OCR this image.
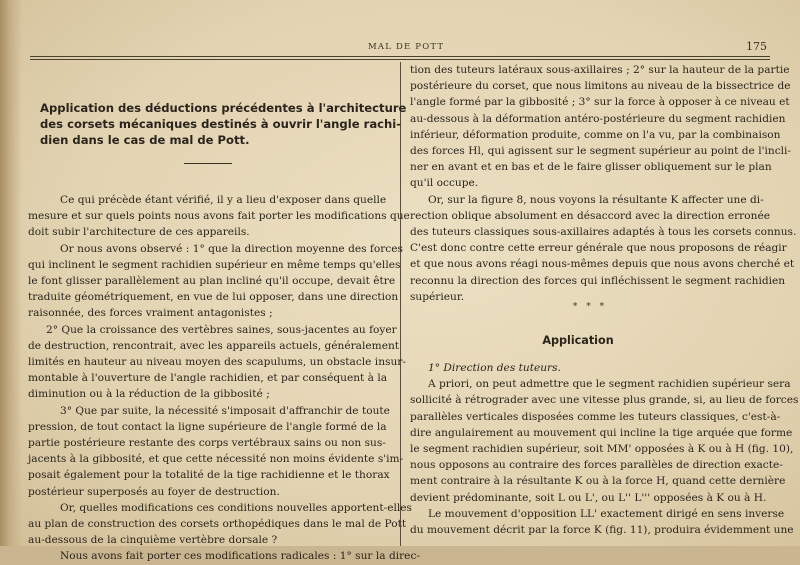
MAL DE POTT	175
Application des déductions précédentes à l'architecture
des corsets mécaniques destinés à ouvrir l'angle rachi-
dien dans le cas de mal de Pott.
Ce qui précède étant vérifié, il y a lieu d'exposer dans quelle
mesure et sur quels points nous avons fait porter les modifications que
doit subir l'architecture de ces appareils.
Or nous avons observé : 1° que la direction moyenne des forces
qui inclinent le segment rachidien supérieur en même temps qu'elles
le font glisser parallèlement au plan incliné qu'il occupe, devait être
traduite géométriquement, en vue de lui opposer, dans une direction
raisonnée, des forces vraiment antagonistes ;
2° Que la croissance des vertèbres saines, sous-jacentes au foyer
de destruction, rencontrait, avec les appareils actuels, généralement
limités en hauteur au niveau moyen des scapulums, un obstacle insur-
montable à l'ouverture de l'angle rachidien, et par conséquent à la
diminution ou à la réduction de la gibbosité ;
3° Que par suite, la nécessité s'imposait d'affranchir de toute
pression, de tout contact la ligne supérieure de l'angle formé de la
partie postérieure restante des corps vertébraux sains ou non sus-
jacents à la gibbosité, et que cette nécessité non moins évidente s'im-
posait également pour la totalité de la tige rachidienne et le thorax
postérieur superposés au foyer de destruction.
Or, quelles modifications ces conditions nouvelles apportent-elles
au plan de construction des corsets orthopédiques dans le mal de Pott
au-dessous de la cinquième vertèbre dorsale ?
Nous avons fait porter ces modifications radicales : 1° sur la direc-
tion des tuteurs latéraux sous-axillaires ; 2° sur la hauteur de la partie
postérieure du corset, que nous limitons au niveau de la bissectrice de
l'angle formé par la gibbosité ; 3° sur la force à opposer à ce niveau et
au-dessous à la déformation antéro-postérieure du segment rachidien
inférieur, déformation produite, comme on l'a vu, par la combinaison
des forces Hl, qui agissent sur le segment supérieur au point de l'incli-
ner en avant et en bas et de le faire glisser obliquement sur le plan
qu'il occupe.
Or, sur la figure 8, nous voyons la résultante K affecter une di-
rection oblique absolument en désaccord avec la direction erronée
des tuteurs classiques sous-axillaires adaptés à tous les corsets connus.
C'est donc contre cette erreur générale que nous proposons de réagir
et que nous avons réagi nous-mêmes depuis que nous avons cherché et
reconnu la direction des forces qui infléchissent le segment rachidien
supérieur.
* * *
Application
1° Direction des tuteurs.
A priori, on peut admettre que le segment rachidien supérieur sera
sollicité à rétrograder avec une vitesse plus grande, si, au lieu de forces
parallèles verticales disposées comme les tuteurs classiques, c'est-à-
dire angulairement au mouvement qui incline la tige arquée que forme
le segment rachidien supérieur, soit MM' opposées à K ou à H (fig. 10),
nous opposons au contraire des forces parallèles de direction exacte-
ment contraire à la résultante K ou à la force H, quand cette dernière
devient prédominante, soit L ou L', ou L'' L''' opposées à K ou à H.
Le mouvement d'opposition LL' exactement dirigé en sens inverse
du mouvement décrit par la force K (fig. 11), produira évidemment une
